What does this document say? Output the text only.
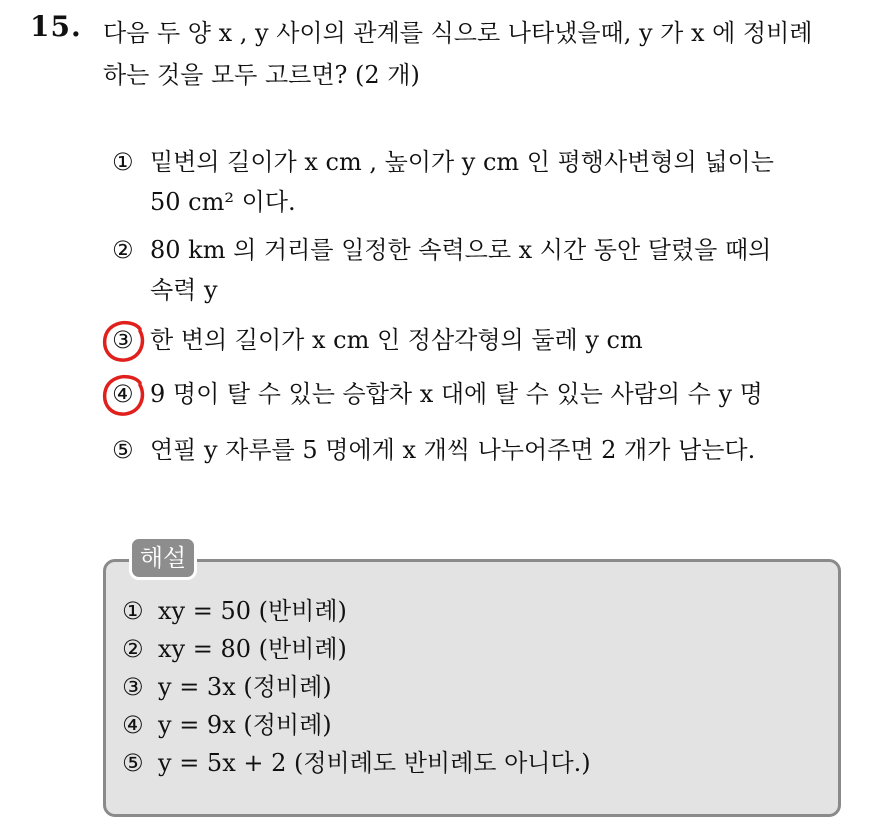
15. 다음 두 양 x , y 사이의 관계를 식으로 나타냈을때, y 가 x 에 정비례
하는 것을 모두 고르면? (2 개)
① 밑변의 길이가 x cm , 높이가 y cm 인 평행사변형의 넓이는
50 cm² 이다.
② 80 km 의 거리를 일정한 속력으로 x 시간 동안 달렸을 때의
속력 y
③ 한 변의 길이가 x cm 인 정삼각형의 둘레 y cm
④ 9 명이 탈 수 있는 승합차 x 대에 탈 수 있는 사람의 수 y 명
⑤ 연필 y 자루를 5 명에게 x 개씩 나누어주면 2 개가 남는다.
해설
① xy = 50 (반비례)
② xy = 80 (반비례)
③ y = 3x (정비례)
④ y = 9x (정비례)
⑤ y = 5x + 2 (정비례도 반비례도 아니다.)
